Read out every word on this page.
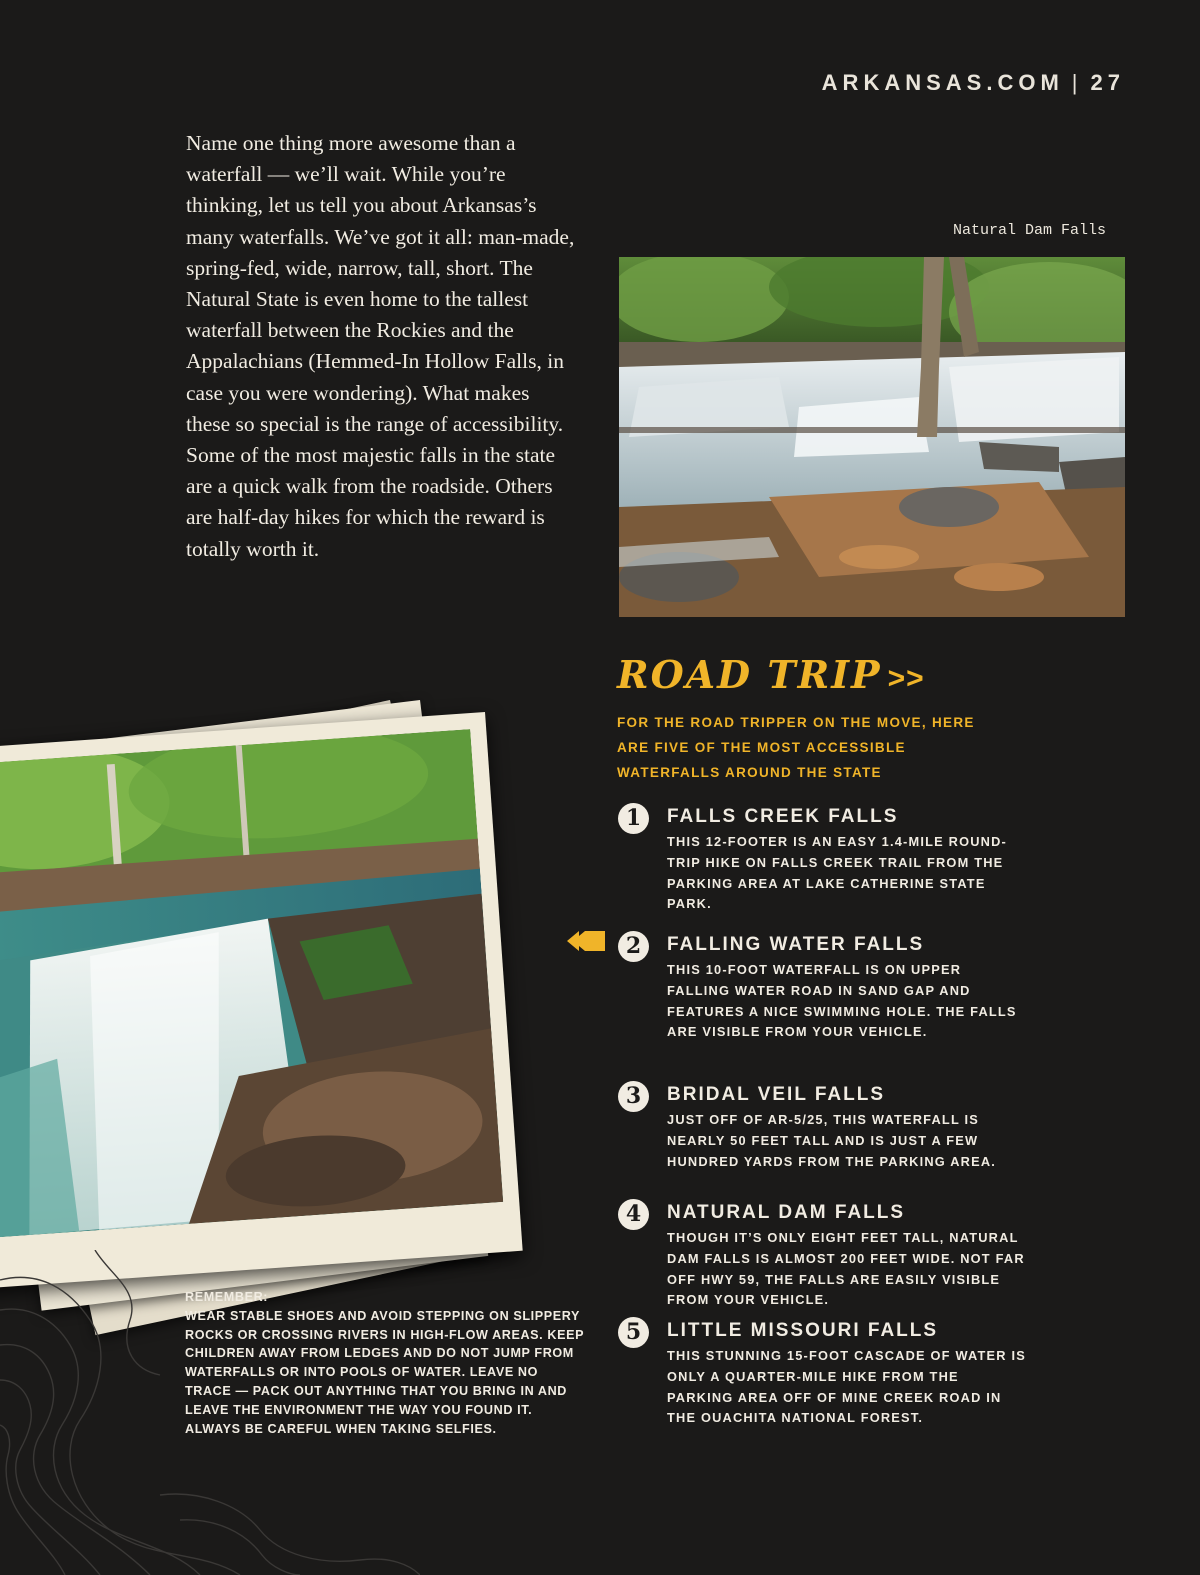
ARKANSAS.COM | 27

Name one thing more awesome than a waterfall — we’ll wait. While you’re thinking, let us tell you about Arkansas’s many waterfalls. We’ve got it all: man-made, spring-fed, wide, narrow, tall, short. The Natural State is even home to the tallest waterfall between the Rockies and the Appalachians (Hemmed-In Hollow Falls, in case you were wondering). What makes these so special is the range of accessibility. Some of the most majestic falls in the state are a quick walk from the roadside. Others are half-day hikes for which the reward is totally worth it.

Natural Dam Falls
ROAD TRIP >>

FOR THE ROAD TRIPPER ON THE MOVE, HERE ARE FIVE OF THE MOST ACCESSIBLE WATERFALLS AROUND THE STATE

1	FALLS CREEK FALLS

THIS 12-FOOTER IS AN EASY 1.4-MILE ROUND-TRIP HIKE ON FALLS CREEK TRAIL FROM THE PARKING AREA AT LAKE CATHERINE STATE PARK.

2	FALLING WATER FALLS

THIS 10-FOOT WATERFALL IS ON UPPER FALLING WATER ROAD IN SAND GAP AND FEATURES A NICE SWIMMING HOLE. THE FALLS ARE VISIBLE FROM YOUR VEHICLE.

3	BRIDAL VEIL FALLS

JUST OFF OF AR-5/25, THIS WATERFALL IS NEARLY 50 FEET TALL AND IS JUST A FEW HUNDRED YARDS FROM THE PARKING AREA.

4	NATURAL DAM FALLS

THOUGH IT’S ONLY EIGHT FEET TALL, NATURAL DAM FALLS IS ALMOST 200 FEET WIDE. NOT FAR OFF HWY 59, THE FALLS ARE EASILY VISIBLE FROM YOUR VEHICLE.

5	LITTLE MISSOURI FALLS

THIS STUNNING 15-FOOT CASCADE OF WATER IS ONLY A QUARTER-MILE HIKE FROM THE PARKING AREA OFF OF MINE CREEK ROAD IN THE OUACHITA NATIONAL FOREST.

REMEMBER:

WEAR STABLE SHOES AND AVOID STEPPING ON SLIPPERY ROCKS OR CROSSING RIVERS IN HIGH-FLOW AREAS. KEEP CHILDREN AWAY FROM LEDGES AND DO NOT JUMP FROM WATERFALLS OR INTO POOLS OF WATER. LEAVE NO TRACE — PACK OUT ANYTHING THAT YOU BRING IN AND LEAVE THE ENVIRONMENT THE WAY YOU FOUND IT.

ALWAYS BE CAREFUL WHEN TAKING SELFIES.
